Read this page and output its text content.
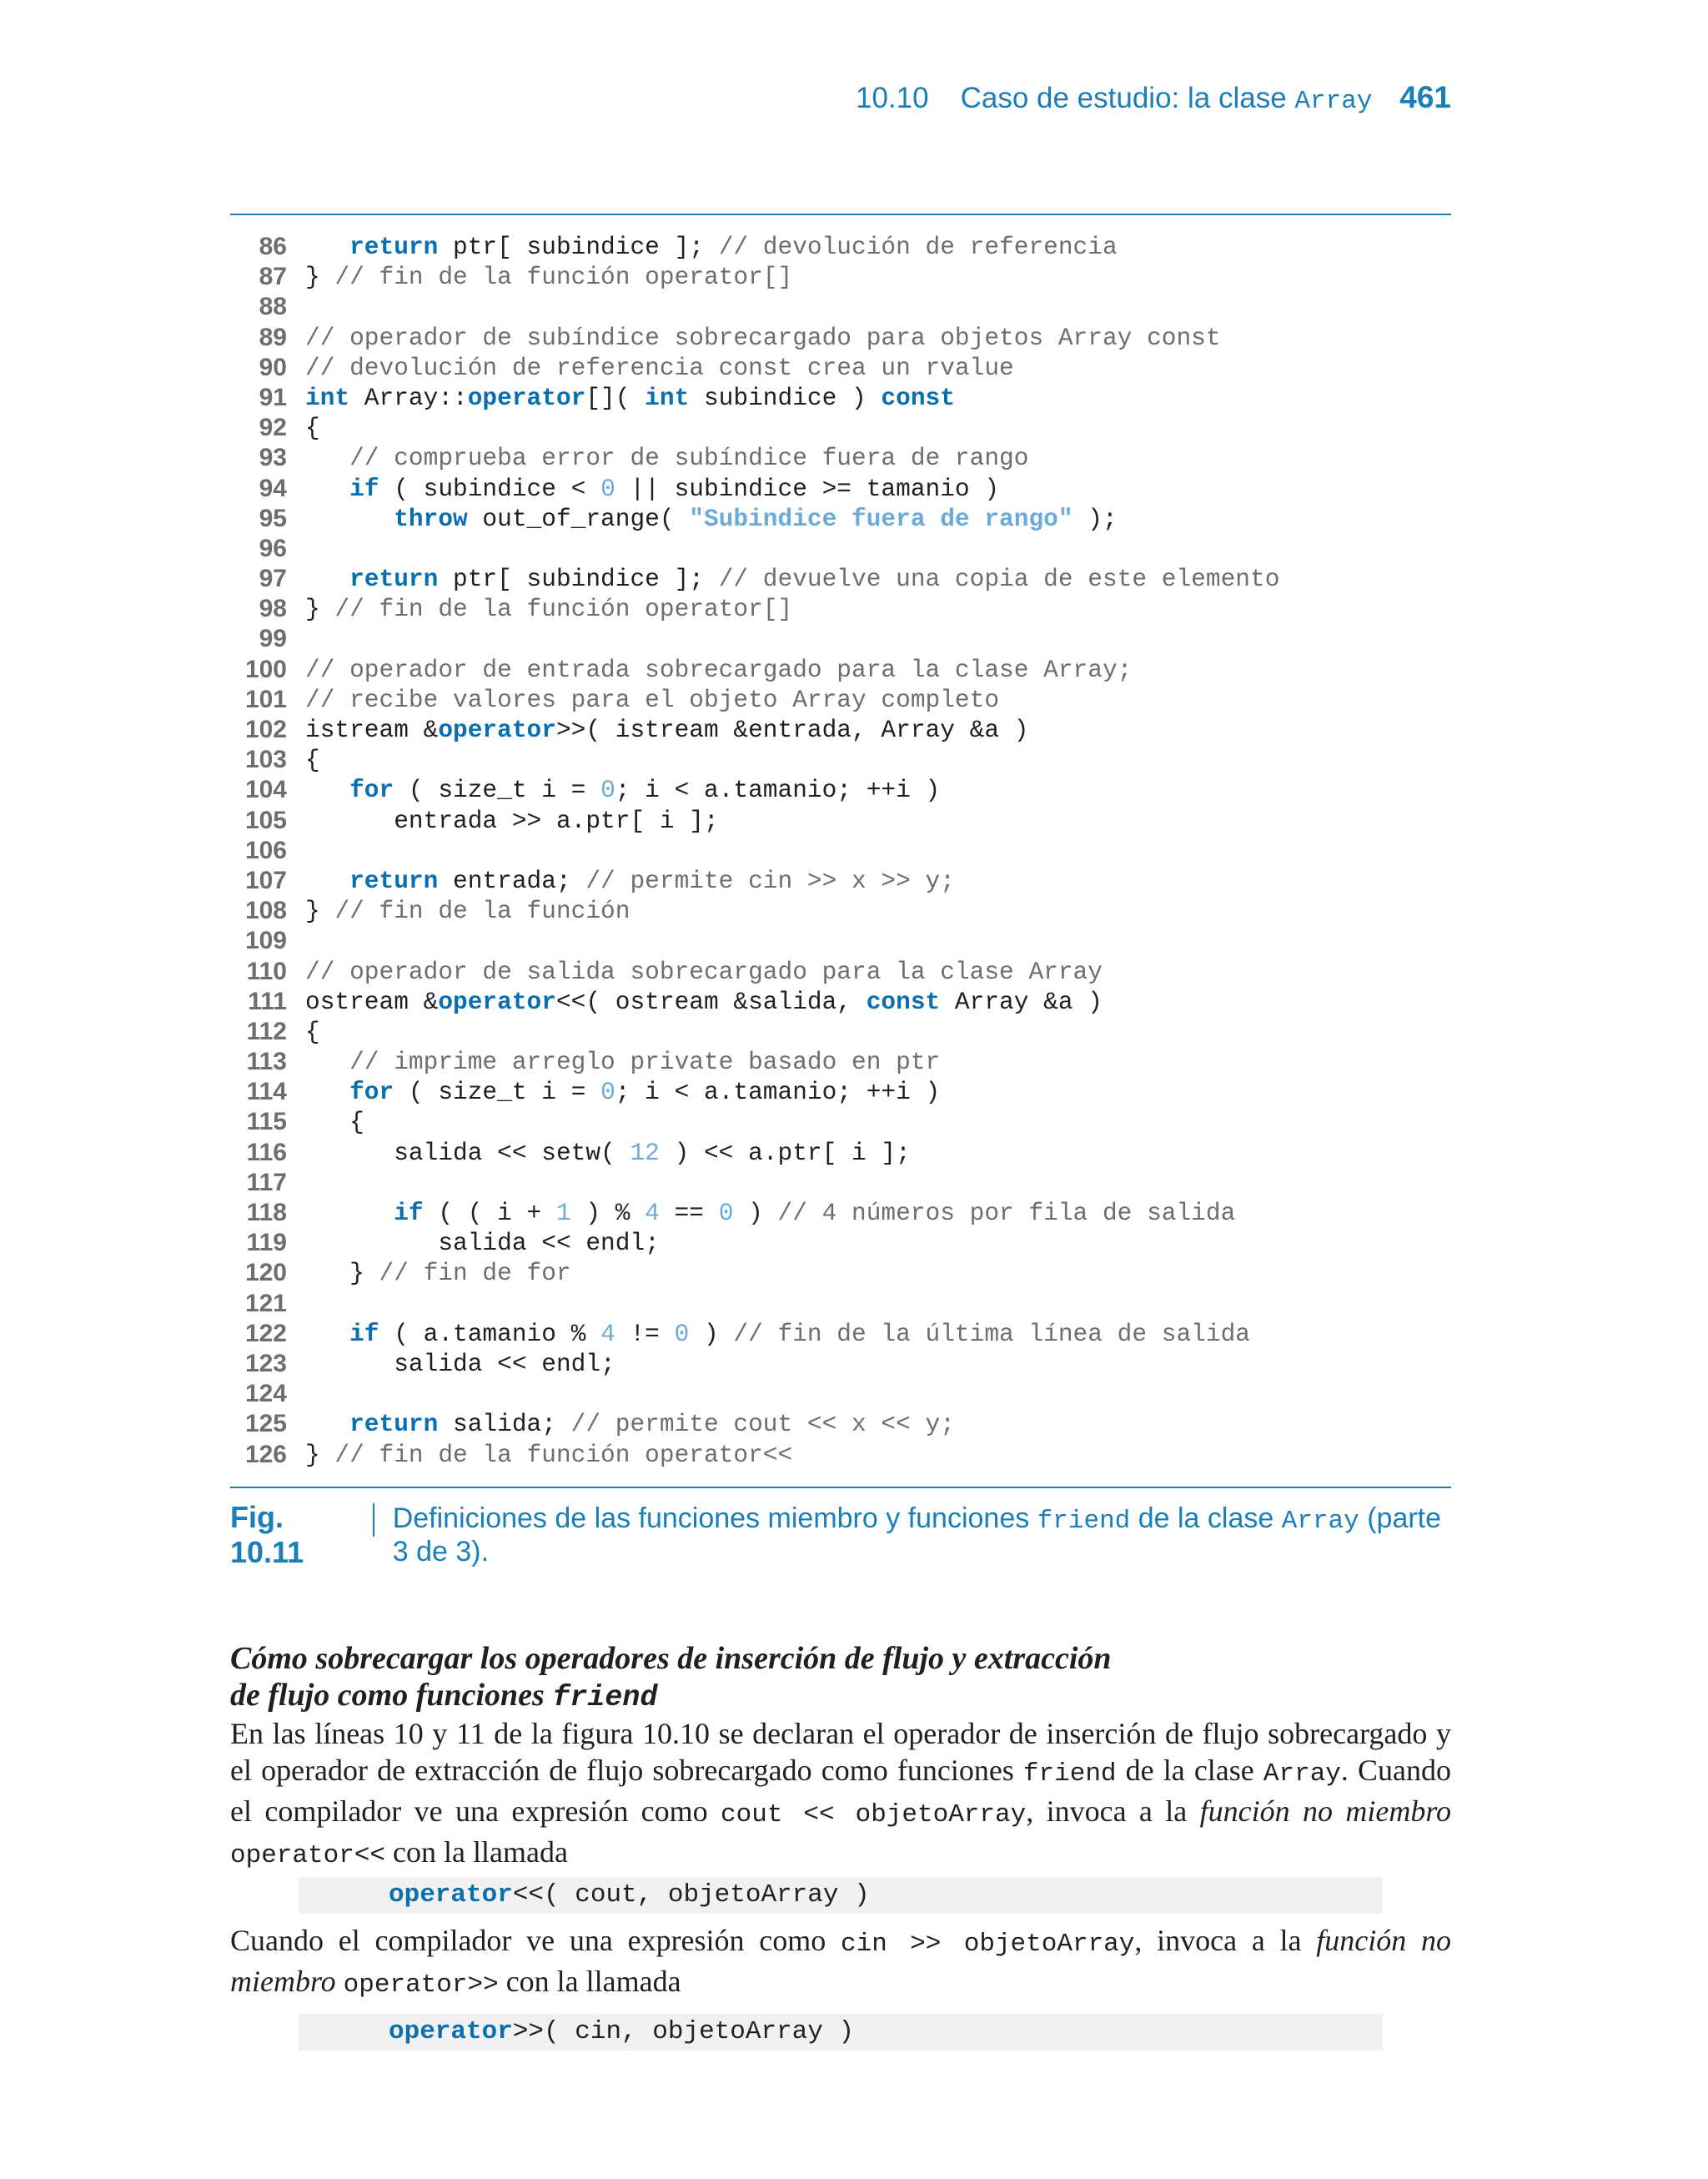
10.10 Caso de estudio: la clase Array 461
86	return ptr[ subindice ]; // devolución de referencia
87 } // fin de la función operator[]
88
89 // operador de subíndice sobrecargado para objetos Array const
90 // devolución de referencia const crea un rvalue
91 int Array::operator[]( int subindice ) const
92 {
93	// comprueba error de subíndice fuera de rango
94	if ( subindice < 0 || subindice >= tamanio )
95	throw out_of_range( "Subindice fuera de rango" );
96
97	return ptr[ subindice ]; // devuelve una copia de este elemento
98 } // fin de la función operator[]
99
100 // operador de entrada sobrecargado para la clase Array;
101 // recibe valores para el objeto Array completo
102 istream &operator>>( istream &entrada, Array &a )
103 {
104	for ( size_t i = 0; i < a.tamanio; ++i )
105 entrada >> a.ptr[ i ];
106
107	return entrada; // permite cin >> x >> y;
108 } // fin de la función
109
110 // operador de salida sobrecargado para la clase Array
111 ostream &operator<<( ostream &salida, const Array &a )
112 {
113	// imprime arreglo private basado en ptr
114	for ( size_t i = 0; i < a.tamanio; ++i )
115 {
116 salida << setw( 12 ) << a.ptr[ i ];
117
118	if ( ( i + 1 ) % 4 == 0 ) // 4 números por fila de salida
119 salida << endl;
120 } // fin de for
121
122	if ( a.tamanio % 4 != 0 ) // fin de la última línea de salida
123 salida << endl;
124
125	return salida; // permite cout << x << y;
126 } // fin de la función operator<<
Fig. 10.11
Definiciones de las funciones miembro y funciones friend de la clase Array (parte 3 de 3).
Cómo sobrecargar los operadores de inserción de flujo y extracción
de flujo como funciones friend
En las líneas 10 y 11 de la figura 10.10 se declaran el operador de inserción de flujo sobrecargado y el operador de extracción de flujo sobrecargado como funciones friend de la clase Array. Cuando el compilador ve una expresión como cout << objetoArray, invoca a la función no miembro operator<< con la llamada
operator<<( cout, objetoArray )
Cuando el compilador ve una expresión como cin >> objetoArray, invoca a la función no miembro operator>> con la llamada
operator>>( cin, objetoArray )
